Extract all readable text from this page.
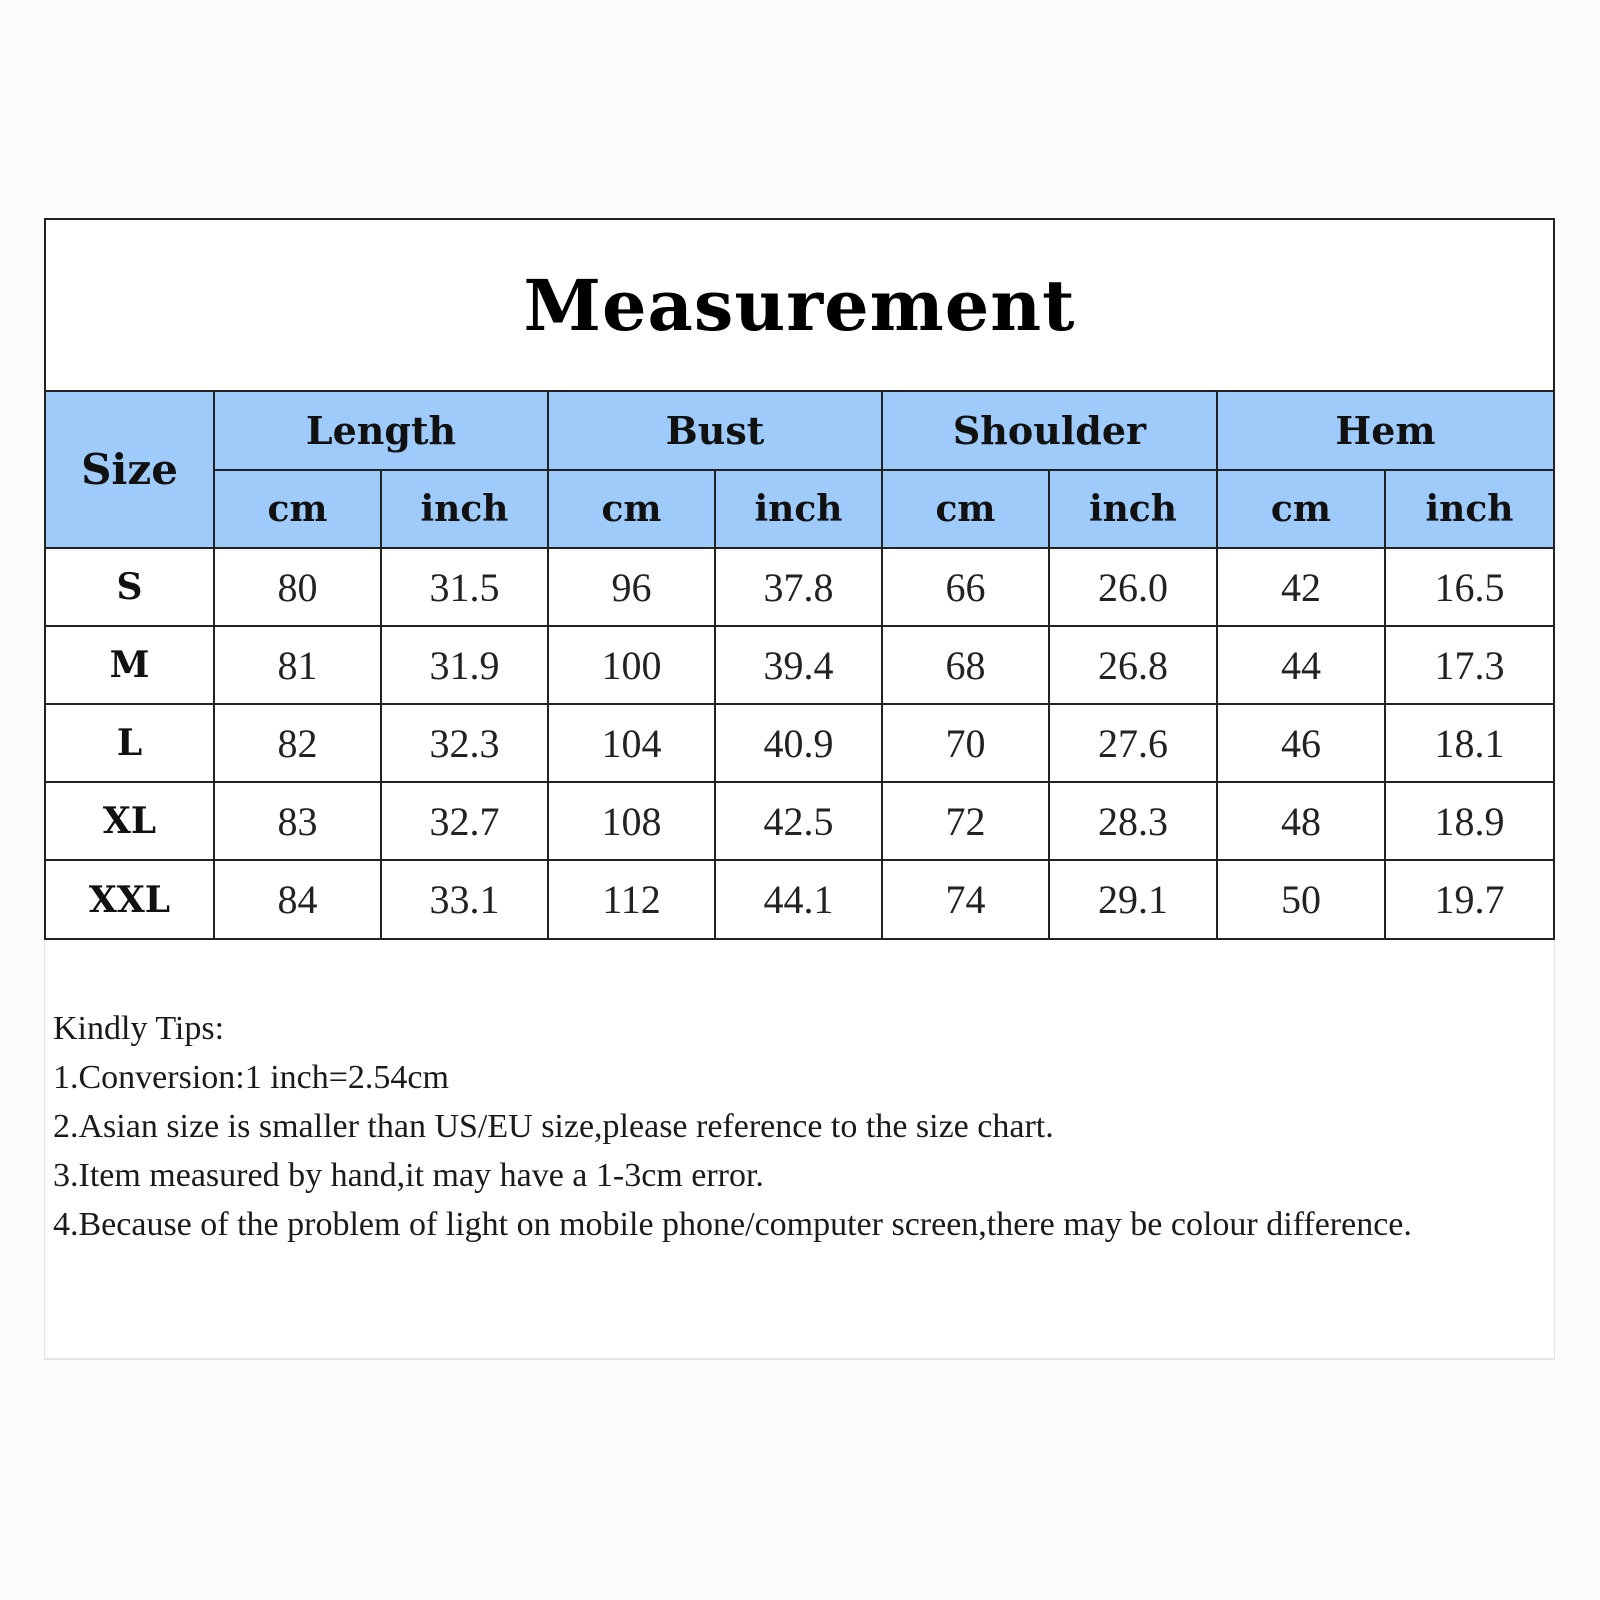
Measurement
Size	Length		Bust		Shoulder		Hem	
	cm	inch	cm	inch	cm	inch	cm	inch
S	80	31.5	96	37.8	66	26.0	42	16.5
M	81	31.9	100	39.4	68	26.8	44	17.3
L	82	32.3	104	40.9	70	27.6	46	18.1
XL	83	32.7	108	42.5	72	28.3	48	18.9
XXL	84	33.1	112	44.1	74	29.1	50	19.7

Kindly Tips:

1.Conversion:1 inch=2.54cm

2.Asian size is smaller than US/EU size,please reference to the size chart.

3.Item measured by hand,it may have a 1-3cm error.

4.Because of the problem of light on mobile phone/computer screen,there may be colour difference.
